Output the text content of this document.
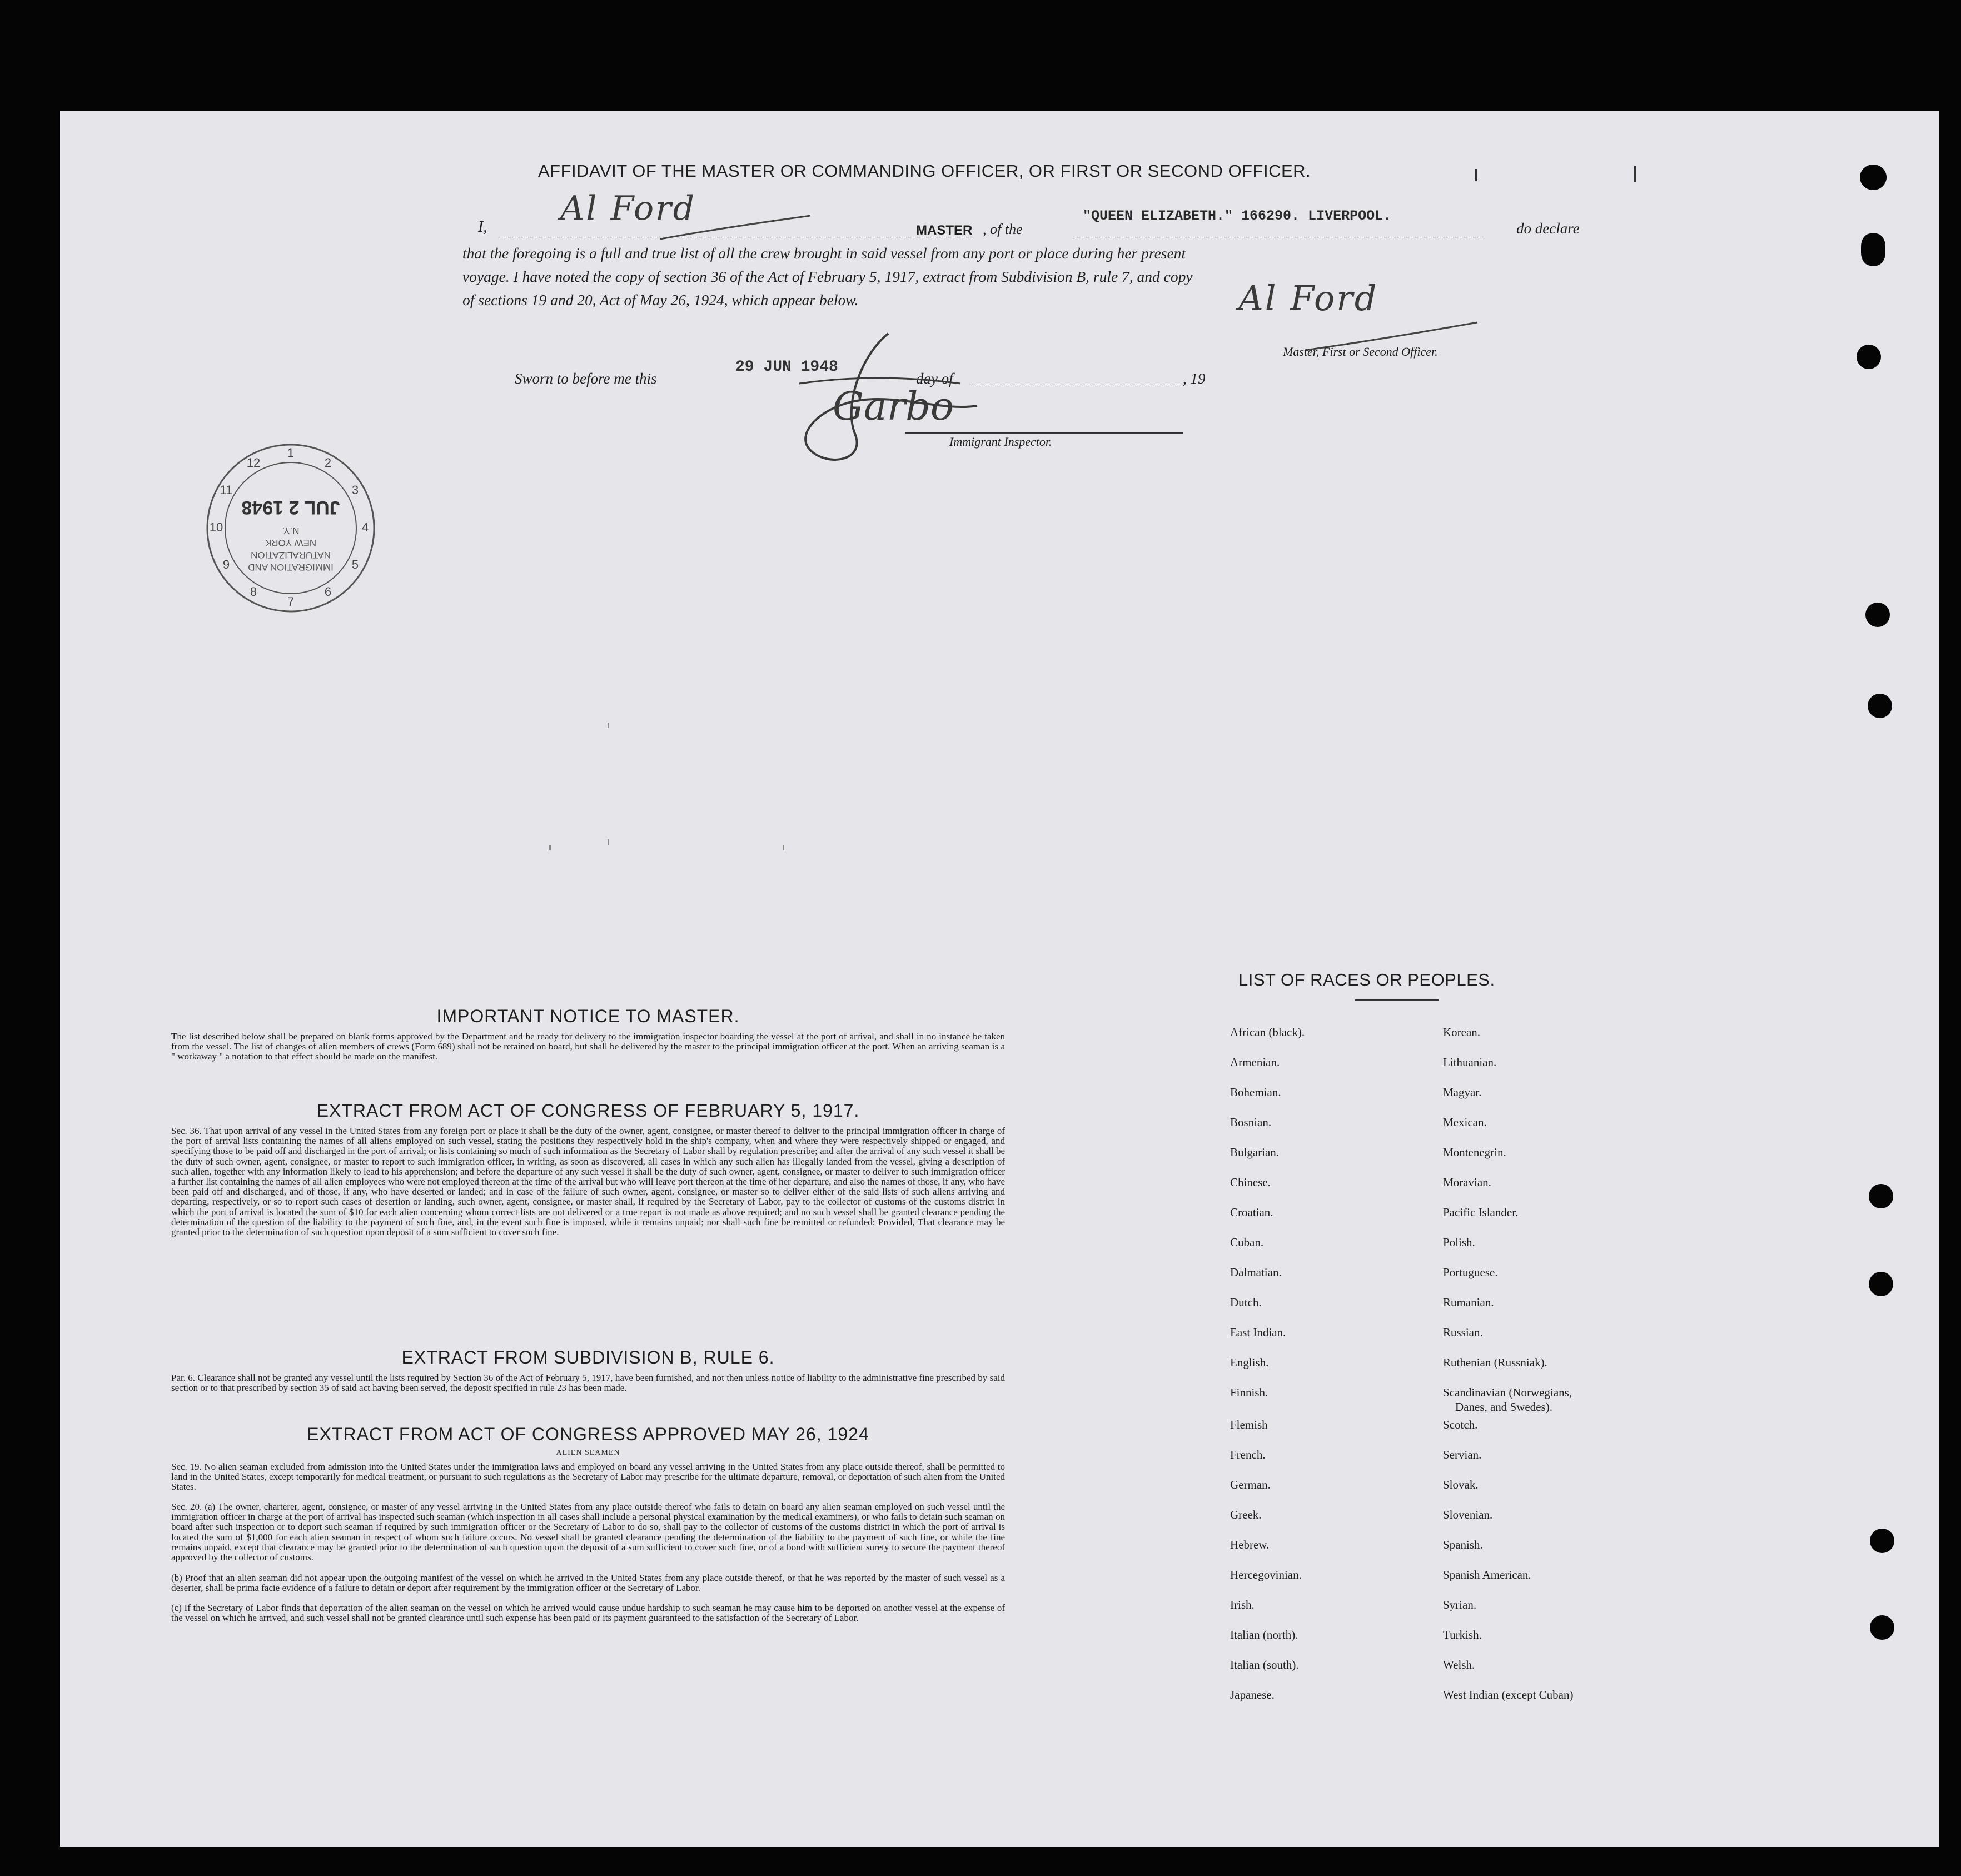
AFFIDAVIT OF THE MASTER OR COMMANDING OFFICER, OR FIRST OR SECOND OFFICER.
I, Al Ford
MASTER , of the
"QUEEN ELIZABETH." 166290. LIVERPOOL.
do declare
that the foregoing is a full and true list of all the crew brought in said vessel from any port or place during her present
voyage. I have noted the copy of section 36 of the Act of February 5, 1917, extract from Subdivision B, rule 7, and copy
of sections 19 and 20, Act of May 26, 1924, which appear below.	Al Ford
Master, First or Second Officer.
Sworn to before me this
29 JUN 1948
day of	, 19
Garbo
Immigrant Inspector.
1
2
3
4
5
6
7
8
9
10
11
12
IMMIGRATION AND
NATURALIZATION
NEW YORK
N.Y.
JUL 2 1948
IMPORTANT NOTICE TO MASTER.
The list described below shall be prepared on blank forms approved by the Department and be ready for delivery to the immigration inspector boarding the vessel at the port of arrival, and shall in no instance be taken from the vessel. The list of changes of alien members of crews (Form 689) shall not be retained on board, but shall be delivered by the master to the principal immigration officer at the port. When an arriving seaman is a " workaway " a notation to that effect should be made on the manifest.
EXTRACT FROM ACT OF CONGRESS OF FEBRUARY 5, 1917.
Sec. 36. That upon arrival of any vessel in the United States from any foreign port or place it shall be the duty of the owner, agent, consignee, or master thereof to deliver to the principal immigration officer in charge of the port of arrival lists containing the names of all aliens employed on such vessel, stating the positions they respectively hold in the ship's company, when and where they were respectively shipped or engaged, and specifying those to be paid off and discharged in the port of arrival; or lists containing so much of such information as the Secretary of Labor shall by regulation prescribe; and after the arrival of any such vessel it shall be the duty of such owner, agent, consignee, or master to report to such immigration officer, in writing, as soon as discovered, all cases in which any such alien has illegally landed from the vessel, giving a description of such alien, together with any information likely to lead to his apprehension; and before the departure of any such vessel it shall be the duty of such owner, agent, consignee, or master to deliver to such immigration officer a further list containing the names of all alien employees who were not employed thereon at the time of the arrival but who will leave port thereon at the time of her departure, and also the names of those, if any, who have been paid off and discharged, and of those, if any, who have deserted or landed; and in case of the failure of such owner, agent, consignee, or master so to deliver either of the said lists of such aliens arriving and departing, respectively, or so to report such cases of desertion or landing, such owner, agent, consignee, or master shall, if required by the Secretary of Labor, pay to the collector of customs of the customs district in which the port of arrival is located the sum of $10 for each alien concerning whom correct lists are not delivered or a true report is not made as above required; and no such vessel shall be granted clearance pending the determination of the question of the liability to the payment of such fine, and, in the event such fine is imposed, while it remains unpaid; nor shall such fine be remitted or refunded: Provided, That clearance may be granted prior to the determination of such question upon deposit of a sum sufficient to cover such fine.
EXTRACT FROM SUBDIVISION B, RULE 6.
Par. 6. Clearance shall not be granted any vessel until the lists required by Section 36 of the Act of February 5, 1917, have been furnished, and not then unless notice of liability to the administrative fine prescribed by said section or to that prescribed by section 35 of said act having been served, the deposit specified in rule 23 has been made.
EXTRACT FROM ACT OF CONGRESS APPROVED MAY 26, 1924
ALIEN SEAMEN
Sec. 19. No alien seaman excluded from admission into the United States under the immigration laws and employed on board any vessel arriving in the United States from any place outside thereof, shall be permitted to land in the United States, except temporarily for medical treatment, or pursuant to such regulations as the Secretary of Labor may prescribe for the ultimate departure, removal, or deportation of such alien from the United States.
Sec. 20. (a) The owner, charterer, agent, consignee, or master of any vessel arriving in the United States from any place outside thereof who fails to detain on board any alien seaman employed on such vessel until the immigration officer in charge at the port of arrival has inspected such seaman (which inspection in all cases shall include a personal physical examination by the medical examiners), or who fails to detain such seaman on board after such inspection or to deport such seaman if required by such immigration officer or the Secretary of Labor to do so, shall pay to the collector of customs of the customs district in which the port of arrival is located the sum of $1,000 for each alien seaman in respect of whom such failure occurs. No vessel shall be granted clearance pending the determination of the liability to the payment of such fine, or while the fine remains unpaid, except that clearance may be granted prior to the determination of such question upon the deposit of a sum sufficient to cover such fine, or of a bond with sufficient surety to secure the payment thereof approved by the collector of customs.
(b) Proof that an alien seaman did not appear upon the outgoing manifest of the vessel on which he arrived in the United States from any place outside thereof, or that he was reported by the master of such vessel as a deserter, shall be prima facie evidence of a failure to detain or deport after requirement by the immigration officer or the Secretary of Labor.
(c) If the Secretary of Labor finds that deportation of the alien seaman on the vessel on which he arrived would cause undue hardship to such seaman he may cause him to be deported on another vessel at the expense of the vessel on which he arrived, and such vessel shall not be granted clearance until such expense has been paid or its payment guaranteed to the satisfaction of the Secretary of Labor.
LIST OF RACES OR PEOPLES.
African (black).
Armenian.
Bohemian.
Bosnian.
Bulgarian.
Chinese.
Croatian.
Cuban.
Dalmatian.
Dutch.
East Indian.
English.
Finnish.
Flemish
French.
German.
Greek.
Hebrew.
Hercegovinian.
Irish.
Italian (north).
Italian (south).
Japanese.
Korean.
Lithuanian.
Magyar.
Mexican.
Montenegrin.
Moravian.
Pacific Islander.
Polish.
Portuguese.
Rumanian.
Russian.
Ruthenian (Russniak).
Scandinavian (Norwegians,
Danes, and Swedes).
Scotch.
Servian.
Slovak.
Slovenian.
Spanish.
Spanish American.
Syrian.
Turkish.
Welsh.
West Indian (except Cuban)
